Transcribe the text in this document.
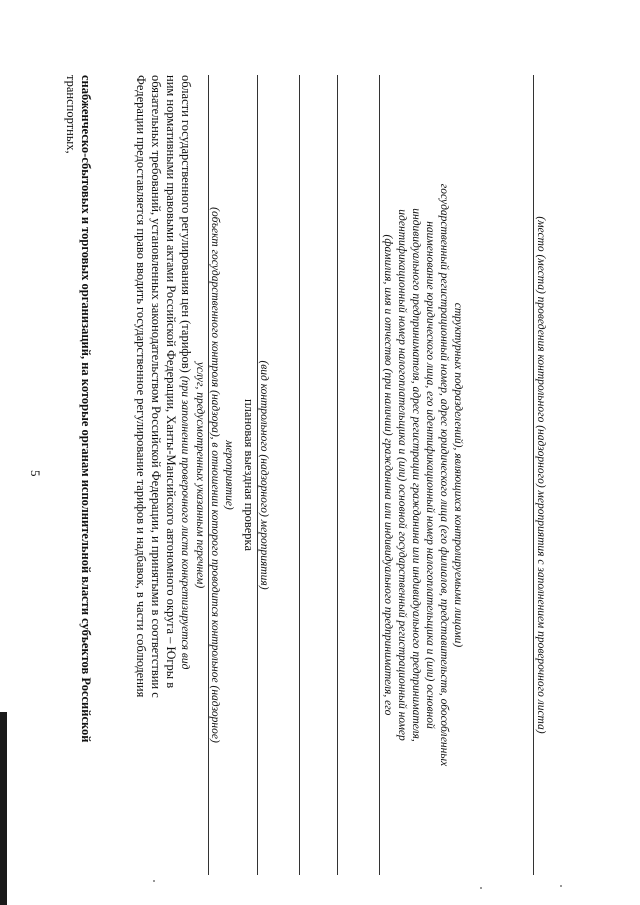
5
транспортных, снабженческо-сбытовых и торговых организаций, на которые органам исполнительной власти субъектов Российской	Федерации предоставляется право вводить государственное регулирование тарифов и надбавок, в части соблюдения обязательных требований, установленных законодательством Российской Федерации, и принятыми в соответствии с ним нормативными правовыми актами Российской Федерации, Ханты-Мансийского автономного округа – Югры в области государственного регулирования цен (тарифов) (при заполнении проверочного листа конкретизируется вид услуг, предусмотренных указанным перечнем) (объект государственного контроля (надзора), в отношении которого проводится контрольное (надзорное) мероприятие) плановая выездная проверка (вид контрольного (надзорного) мероприятия)	(фамилия, имя и отчество (при наличии) гражданина или индивидуального предпринимателя, его идентификационный номер налогоплательщика и (или) основной государственный регистрационный номер индивидуального предпринимателя, адрес регистрации гражданина или индивидуального предпринимателя, наименование юридического лица, его идентификационный номер налогоплательщика и (или) основной государственный регистрационный номер, адрес юридического лица (его филиалов, представительств, обособленных структурных подразделений), являющихся контролируемыми лицами)	(место (места) проведения контрольного (надзорного) мероприятия с заполнением проверочного листа)
